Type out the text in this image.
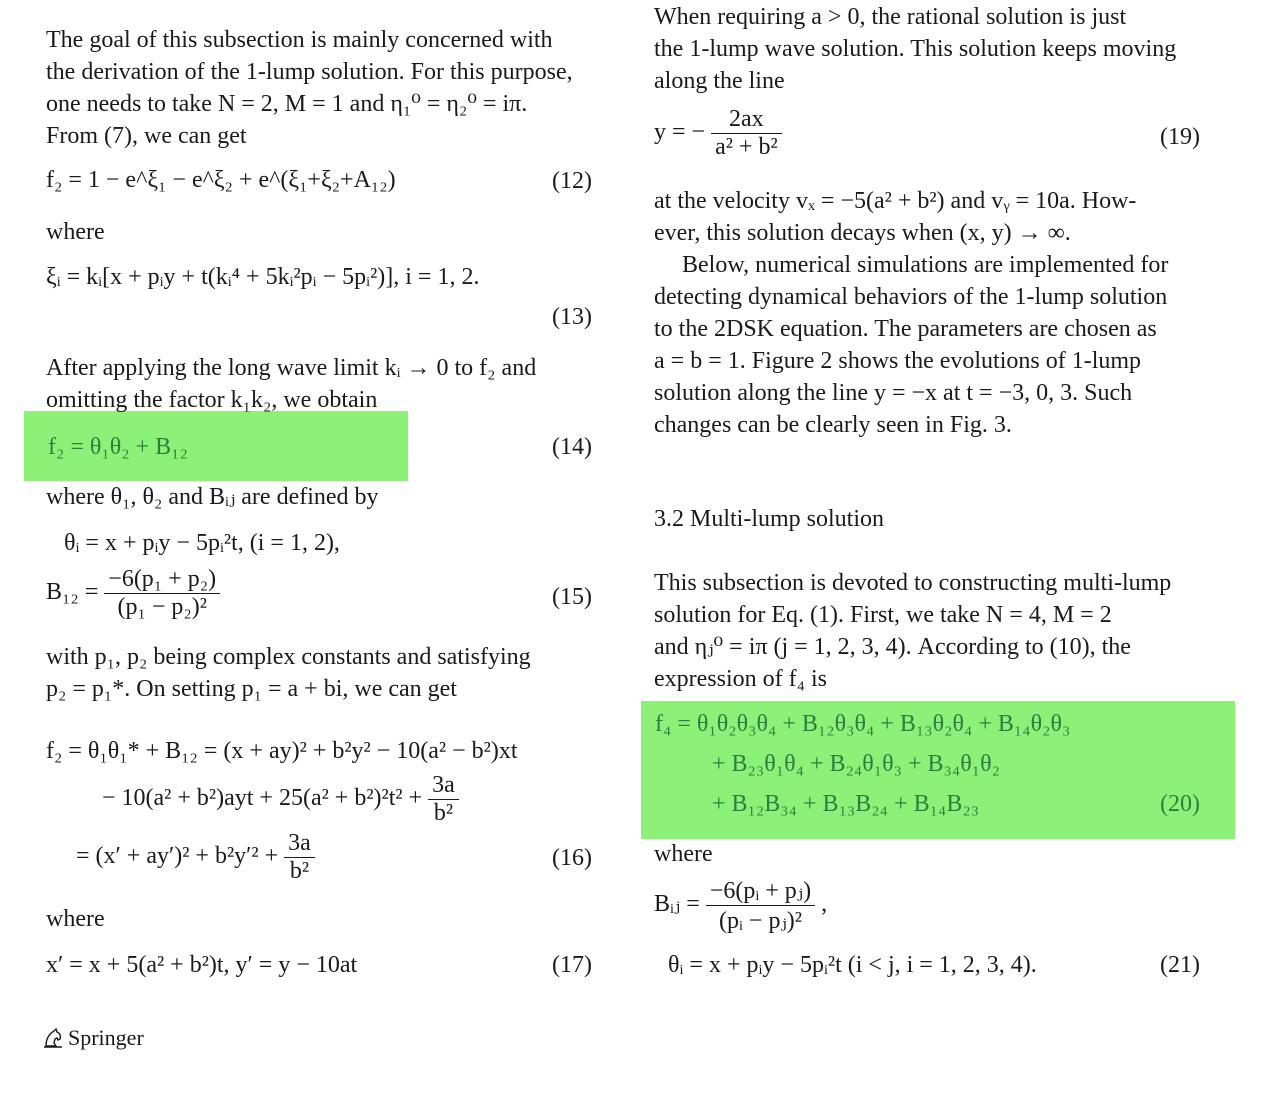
The goal of this subsection is mainly concerned with
the derivation of the 1-lump solution. For this purpose,
one needs to take N = 2, M = 1 and η₁⁰ = η₂⁰ = iπ.
From (7), we can get
f₂ = 1 − e^ξ₁ − e^ξ₂ + e^(ξ₁+ξ₂+A₁₂)	(12)
where
ξᵢ = kᵢ[x + pᵢy + t(kᵢ⁴ + 5kᵢ²pᵢ − 5pᵢ²)], i = 1, 2.
(13)
After applying the long wave limit kᵢ → 0 to f₂ and
omitting the factor k₁k₂, we obtain
f₂ = θ₁θ₂ + B₁₂	(14)
where θ₁, θ₂ and Bᵢⱼ are defined by
θᵢ = x + pᵢy − 5pᵢ²t, (i = 1, 2),
$B_{12} = \frac{\text{−6(p₁ + p₂)}}{\text{(p₁ − p₂)²}}$	(15)
with p₁, p₂ being complex constants and satisfying
p₂ = p₁*. On setting p₁ = a + bi, we can get
f₂ = θ₁θ₁* + B₁₂ = (x + ay)² + b²y² − 10(a² − b²)xt
− $10(a^2 + b^2)ayt + 25(a^2 + b^2)^2t^2 + \frac{3a}{\text{b²}}$
= $(x' + ay')^2 + b^2y'^2 + \frac{3a}{\text{b²}}$	(16)
where
x′ = x + 5(a² + b²)t, y′ = y − 10at	(17)
Springer
When requiring a > 0, the rational solution is just
the 1-lump wave solution. This solution keeps moving
along the line
y = − $\frac{2ax}{\text{a² + b²}}$	(19)
at the velocity vₓ = −5(a² + b²) and vᵧ = 10a. How-
ever, this solution decays when (x, y) → ∞.
Below, numerical simulations are implemented for
detecting dynamical behaviors of the 1-lump solution
to the 2DSK equation. The parameters are chosen as
a = b = 1. Figure 2 shows the evolutions of 1-lump
solution along the line y = −x at t = −3, 0, 3. Such
changes can be clearly seen in Fig. 3.
3.2 Multi-lump solution
This subsection is devoted to constructing multi-lump
solution for Eq. (1). First, we take N = 4, M = 2
and ηⱼ⁰ = iπ (j = 1, 2, 3, 4). According to (10), the
expression of f₄ is
f₄ = θ₁θ₂θ₃θ₄ + B₁₂θ₃θ₄ + B₁₃θ₂θ₄ + B₁₄θ₂θ₃
+ B₂₃θ₁θ₄ + B₂₄θ₁θ₃ + B₃₄θ₁θ₂
+ B₁₂B₃₄ + B₁₃B₂₄ + B₁₄B₂₃	(20)
where
Bᵢⱼ = $\frac{\text{−6(pᵢ + pⱼ)}}{\text{(pᵢ − pⱼ)²}}$ ,
θᵢ = x + pᵢy − 5pᵢ²t (i < j, i = 1, 2, 3, 4).	(21)
